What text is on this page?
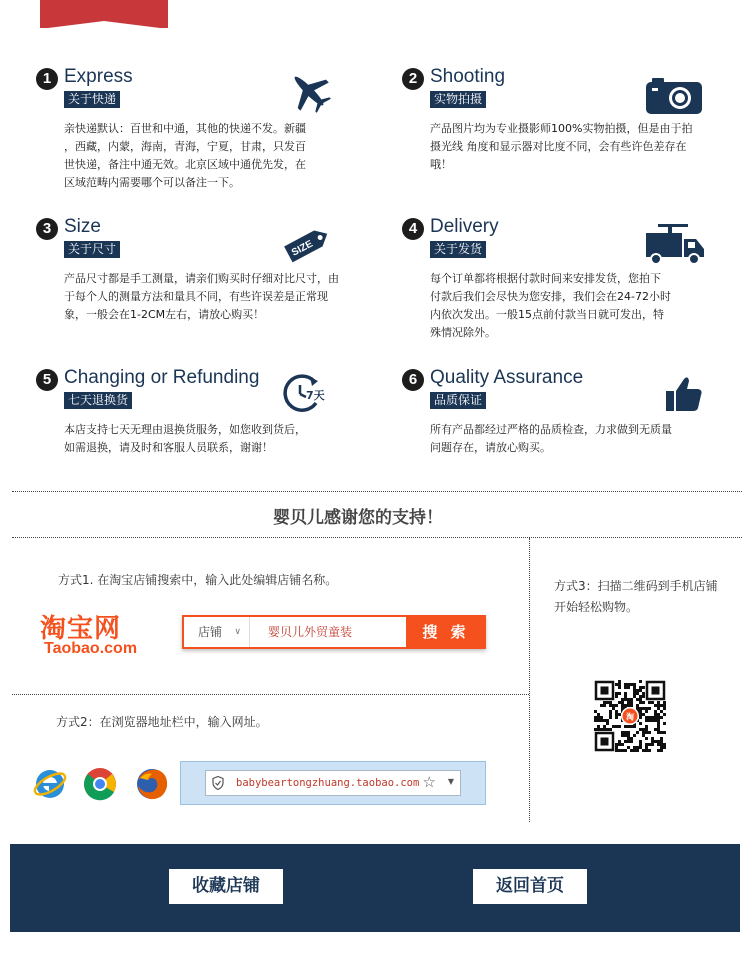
1 Express
关于快递
亲快递默认：百世和中通，其他的快递不发。新疆
，西藏，内蒙，海南，青海，宁夏，甘肃，只发百
世快递，备注中通无效。北京区域中通优先发，在
区域范畴内需要哪个可以备注一下。
2 Shooting
实物拍摄
产品图片均为专业摄影师100%实物拍摄，但是由于拍
摄光线 角度和显示器对比度不同，会有些许色差存在
哦！
3 Size
关于尺寸
产品尺寸都是手工测量，请亲们购买时仔细对比尺寸，由
于每个人的测量方法和量具不同，有些许误差是正常现
象，一般会在1-2CM左右，请放心购买！
SIZE
4 Delivery
关于发货
每个订单都将根据付款时间来安排发货，您拍下
付款后我们会尽快为您安排，我们会在24-72小时
内依次发出。一般15点前付款当日就可发出，特
殊情况除外。
5 Changing or Refunding
七天退换货
本店支持七天无理由退换货服务，如您收到货后，
如需退换，请及时和客服人员联系，谢谢！
7天
6 Quality Assurance
品质保证
所有产品都经过严格的品质检查，力求做到无质量
问题存在，请放心购买。
婴贝儿感谢您的支持！
方式1. 在淘宝店铺搜索中，输入此处编辑店铺名称。
淘宝网
Taobao.com
店铺 ∨ 婴贝儿外贸童装	搜 索
方式2：在浏览器地址栏中，输入网址。
babybeartongzhuang.taobao.com ☆ ▼
方式3：扫描二维码到手机店铺开始轻松购物。
淘
收藏店铺	返回首页
